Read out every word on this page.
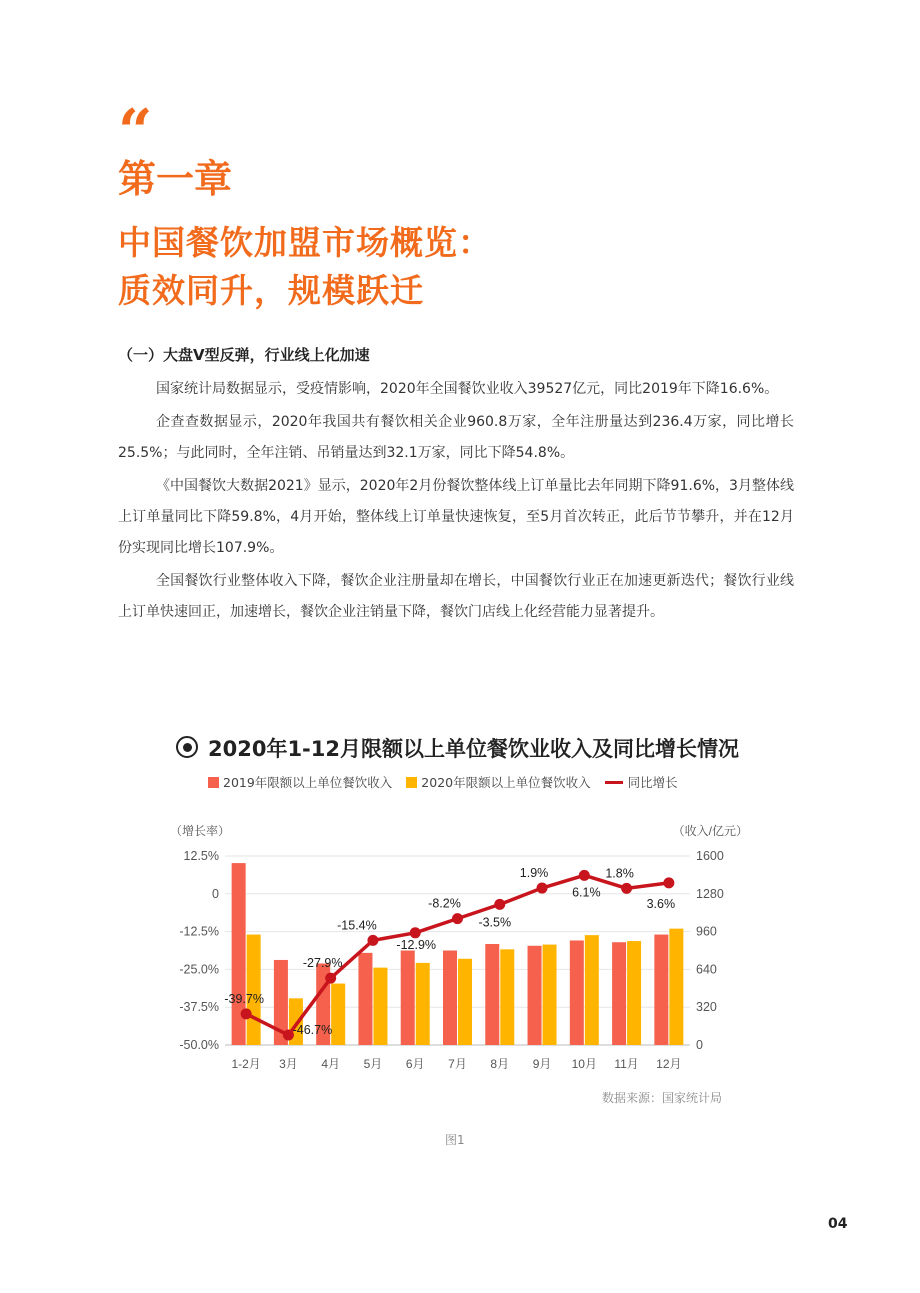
“
第一章
中国餐饮加盟市场概览：
质效同升，规模跃迁
（一）大盘V型反弹，行业线上化加速

国家统计局数据显示，受疫情影响，2020年全国餐饮业收入39527亿元，同比2019年下降16.6%。

企查查数据显示，2020年我国共有餐饮相关企业960.8万家，全年注册量达到236.4万家，同比增长25.5%；与此同时，全年注销、吊销量达到32.1万家，同比下降54.8%。

《中国餐饮大数据2021》显示，2020年2月份餐饮整体线上订单量比去年同期下降91.6%，3月整体线上订单量同比下降59.8%，4月开始，整体线上订单量快速恢复，至5月首次转正，此后节节攀升，并在12月份实现同比增长107.9%。

全国餐饮行业整体收入下降，餐饮企业注册量却在增长，中国餐饮行业正在加速更新迭代；餐饮行业线上订单快速回正，加速增长，餐饮企业注销量下降，餐饮门店线上化经营能力显著提升。

2020年1-12月限额以上单位餐饮业收入及同比增长情况
2019年限额以上单位餐饮收入 2020年限额以上单位餐饮收入	同比增长
12.5%	1600
0	1280
-12.5%	960
-25.0%	640
-37.5%	320
-50.0%	0
（增长率）	（收入/亿元）
1-2月 3月 4月 5月 6月 7月 8月 9月 10月 11月 12月
-39.7%
-46.7%
-27.9%
-15.4%
-12.9%
-8.2%
-3.5%
1.9%
6.1%
1.8%
3.6%
数据来源：国家统计局
图1
04
